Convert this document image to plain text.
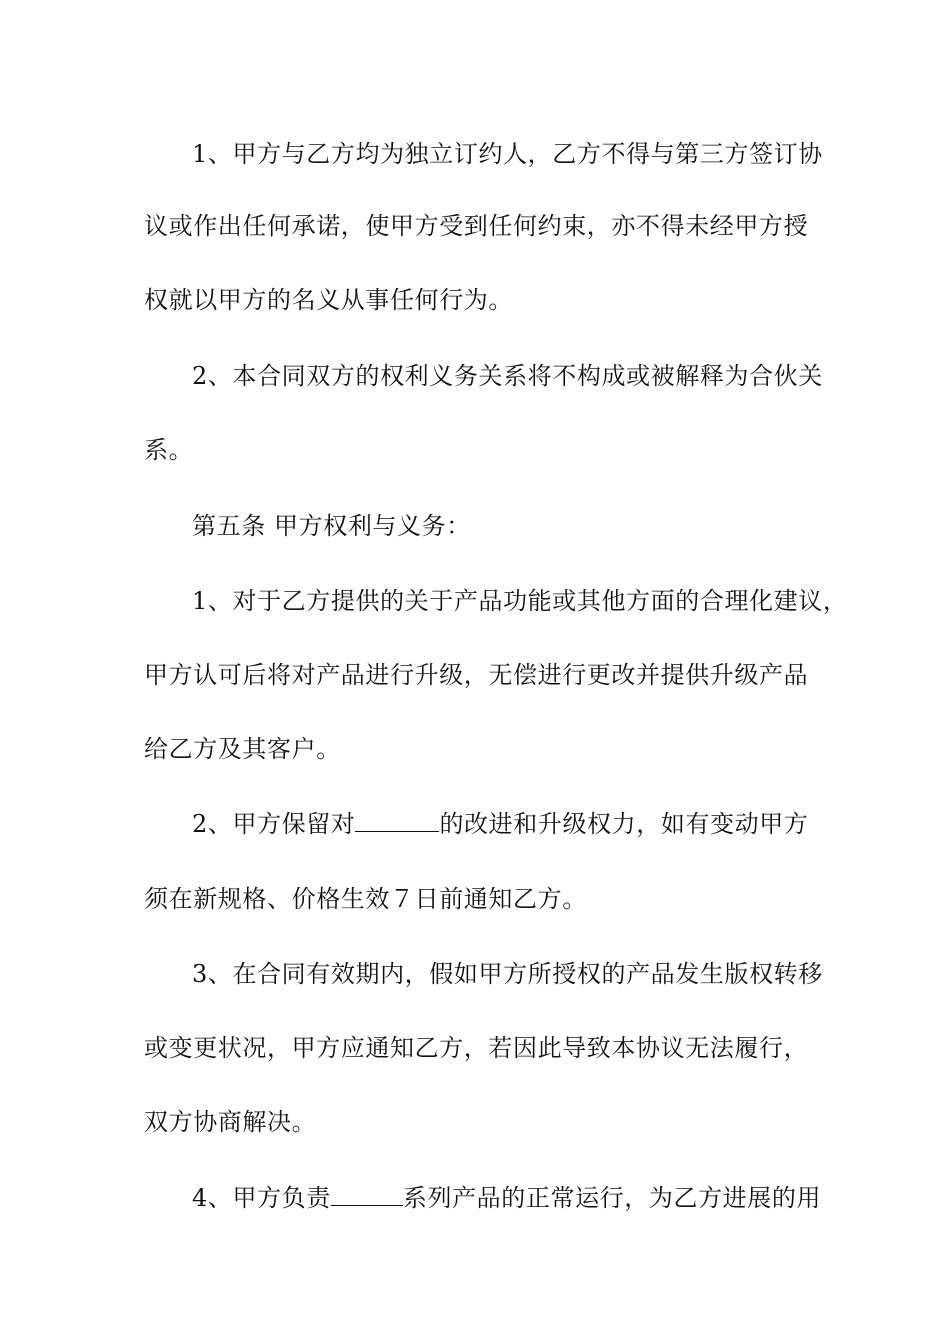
1、甲方与乙方均为独立订约人，乙方不得与第三方签订协
议或作出任何承诺，使甲方受到任何约束，亦不得未经甲方授
权就以甲方的名义从事任何行为。
2、本合同双方的权利义务关系将不构成或被解释为合伙关
系。
第五条 甲方权利与义务：
1、对于乙方提供的关于产品功能或其他方面的合理化建议，
甲方认可后将对产品进行升级，无偿进行更改并提供升级产品
给乙方及其客户。
2、甲方保留对	的改进和升级权力，如有变动甲方
须在新规格、价格生效７日前通知乙方。
3、在合同有效期内，假如甲方所授权的产品发生版权转移
或变更状况，甲方应通知乙方，若因此导致本协议无法履行，
双方协商解决。
4、甲方负责	系列产品的正常运行，为乙方进展的用
